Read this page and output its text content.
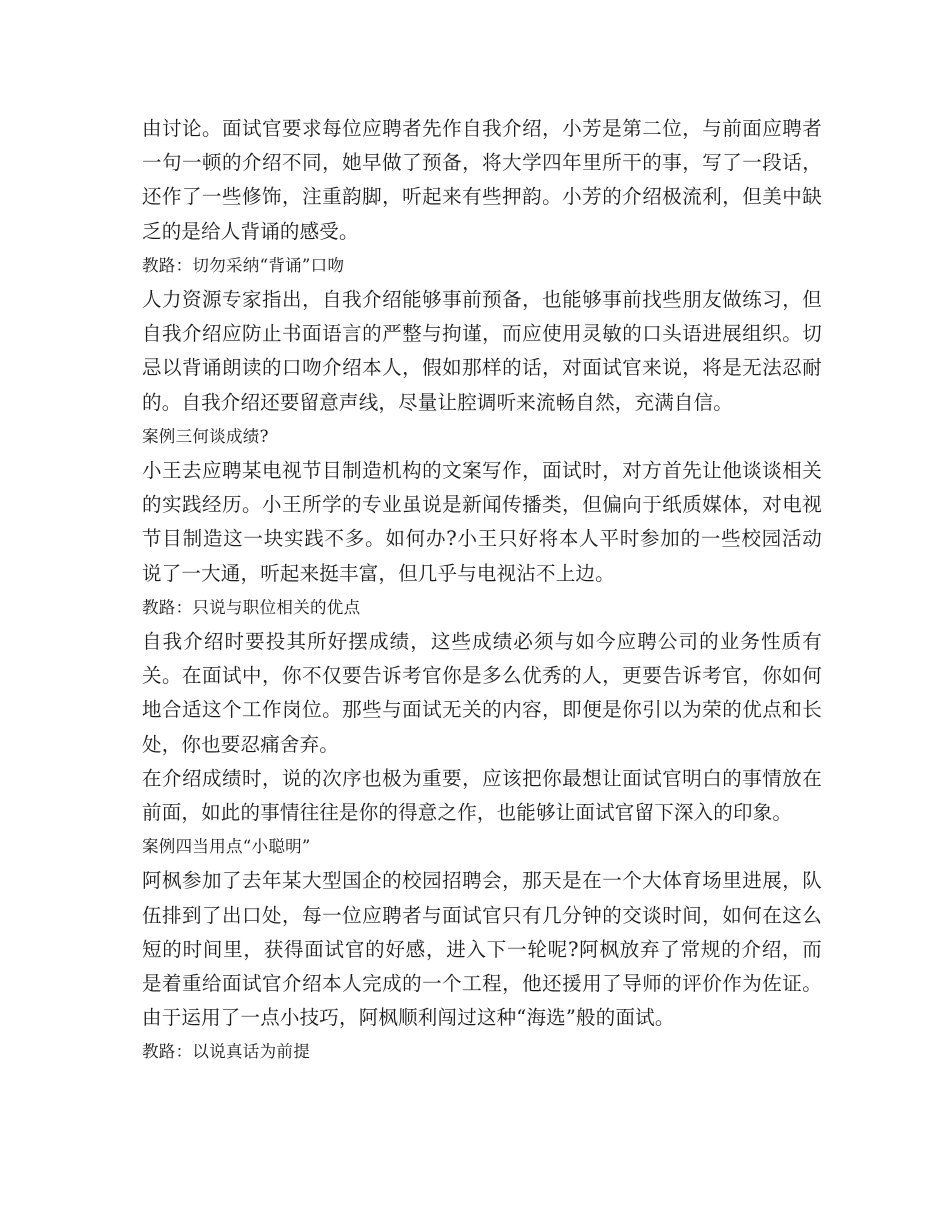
由讨论。面试官要求每位应聘者先作自我介绍，小芳是第二位，与前面应聘者一句一顿的介绍不同，她早做了预备，将大学四年里所干的事，写了一段话，还作了一些修饰，注重韵脚，听起来有些押韵。小芳的介绍极流利，但美中缺乏的是给人背诵的感受。

教路：切勿采纳“背诵”口吻

人力资源专家指出，自我介绍能够事前预备，也能够事前找些朋友做练习，但自我介绍应防止书面语言的严整与拘谨，而应使用灵敏的口头语进展组织。切忌以背诵朗读的口吻介绍本人，假如那样的话，对面试官来说，将是无法忍耐的。自我介绍还要留意声线，尽量让腔调听来流畅自然，充满自信。

案例三何谈成绩?

小王去应聘某电视节目制造机构的文案写作，面试时，对方首先让他谈谈相关的实践经历。小王所学的专业虽说是新闻传播类，但偏向于纸质媒体，对电视节目制造这一块实践不多。如何办?小王只好将本人平时参加的一些校园活动说了一大通，听起来挺丰富，但几乎与电视沾不上边。

教路：只说与职位相关的优点

自我介绍时要投其所好摆成绩，这些成绩必须与如今应聘公司的业务性质有关。在面试中，你不仅要告诉考官你是多么优秀的人，更要告诉考官，你如何地合适这个工作岗位。那些与面试无关的内容，即便是你引以为荣的优点和长处，你也要忍痛舍弃。

在介绍成绩时，说的次序也极为重要，应该把你最想让面试官明白的事情放在前面，如此的事情往往是你的得意之作，也能够让面试官留下深入的印象。

案例四当用点“小聪明”

阿枫参加了去年某大型国企的校园招聘会，那天是在一个大体育场里进展，队伍排到了出口处，每一位应聘者与面试官只有几分钟的交谈时间，如何在这么短的时间里，获得面试官的好感，进入下一轮呢?阿枫放弃了常规的介绍，而是着重给面试官介绍本人完成的一个工程，他还援用了导师的评价作为佐证。由于运用了一点小技巧，阿枫顺利闯过这种“海选”般的面试。

教路：以说真话为前提
